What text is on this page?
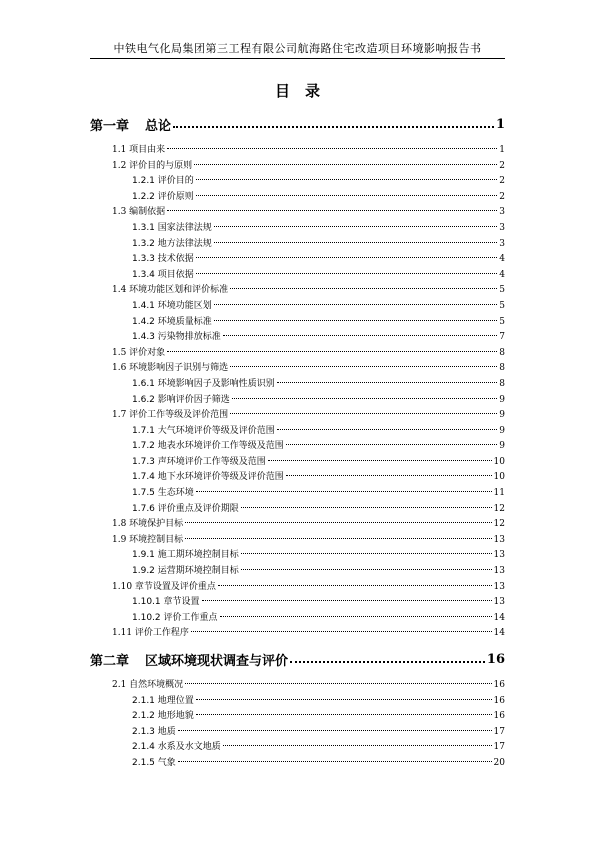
中铁电气化局集团第三工程有限公司航海路住宅改造项目环境影响报告书
目　录
第一章 总论	1
1.1 项目由来	1
1.2 评价目的与原则	2
1.2.1 评价目的	2
1.2.2 评价原则	2
1.3 编制依据	3
1.3.1 国家法律法规	3
1.3.2 地方法律法规	3
1.3.3 技术依据	4
1.3.4 项目依据	4
1.4 环境功能区划和评价标准	5
1.4.1 环境功能区划	5
1.4.2 环境质量标准	5
1.4.3 污染物排放标准	7
1.5 评价对象	8
1.6 环境影响因子识别与筛选	8
1.6.1 环境影响因子及影响性质识别	8
1.6.2 影响评价因子筛选	9
1.7 评价工作等级及评价范围	9
1.7.1 大气环境评价等级及评价范围	9
1.7.2 地表水环境评价工作等级及范围	9
1.7.3 声环境评价工作等级及范围	10
1.7.4 地下水环境评价等级及评价范围	10
1.7.5 生态环境	11
1.7.6 评价重点及评价期限	12
1.8 环境保护目标	12
1.9 环境控制目标	13
1.9.1 施工期环境控制目标	13
1.9.2 运营期环境控制目标	13
1.10 章节设置及评价重点	13
1.10.1 章节设置	13
1.10.2 评价工作重点	14
1.11 评价工作程序	14
第二章 区域环境现状调查与评价	16
2.1 自然环境概况	16
2.1.1 地理位置	16
2.1.2 地形地貌	16
2.1.3 地质	17
2.1.4 水系及水文地质	17
2.1.5 气象	20
